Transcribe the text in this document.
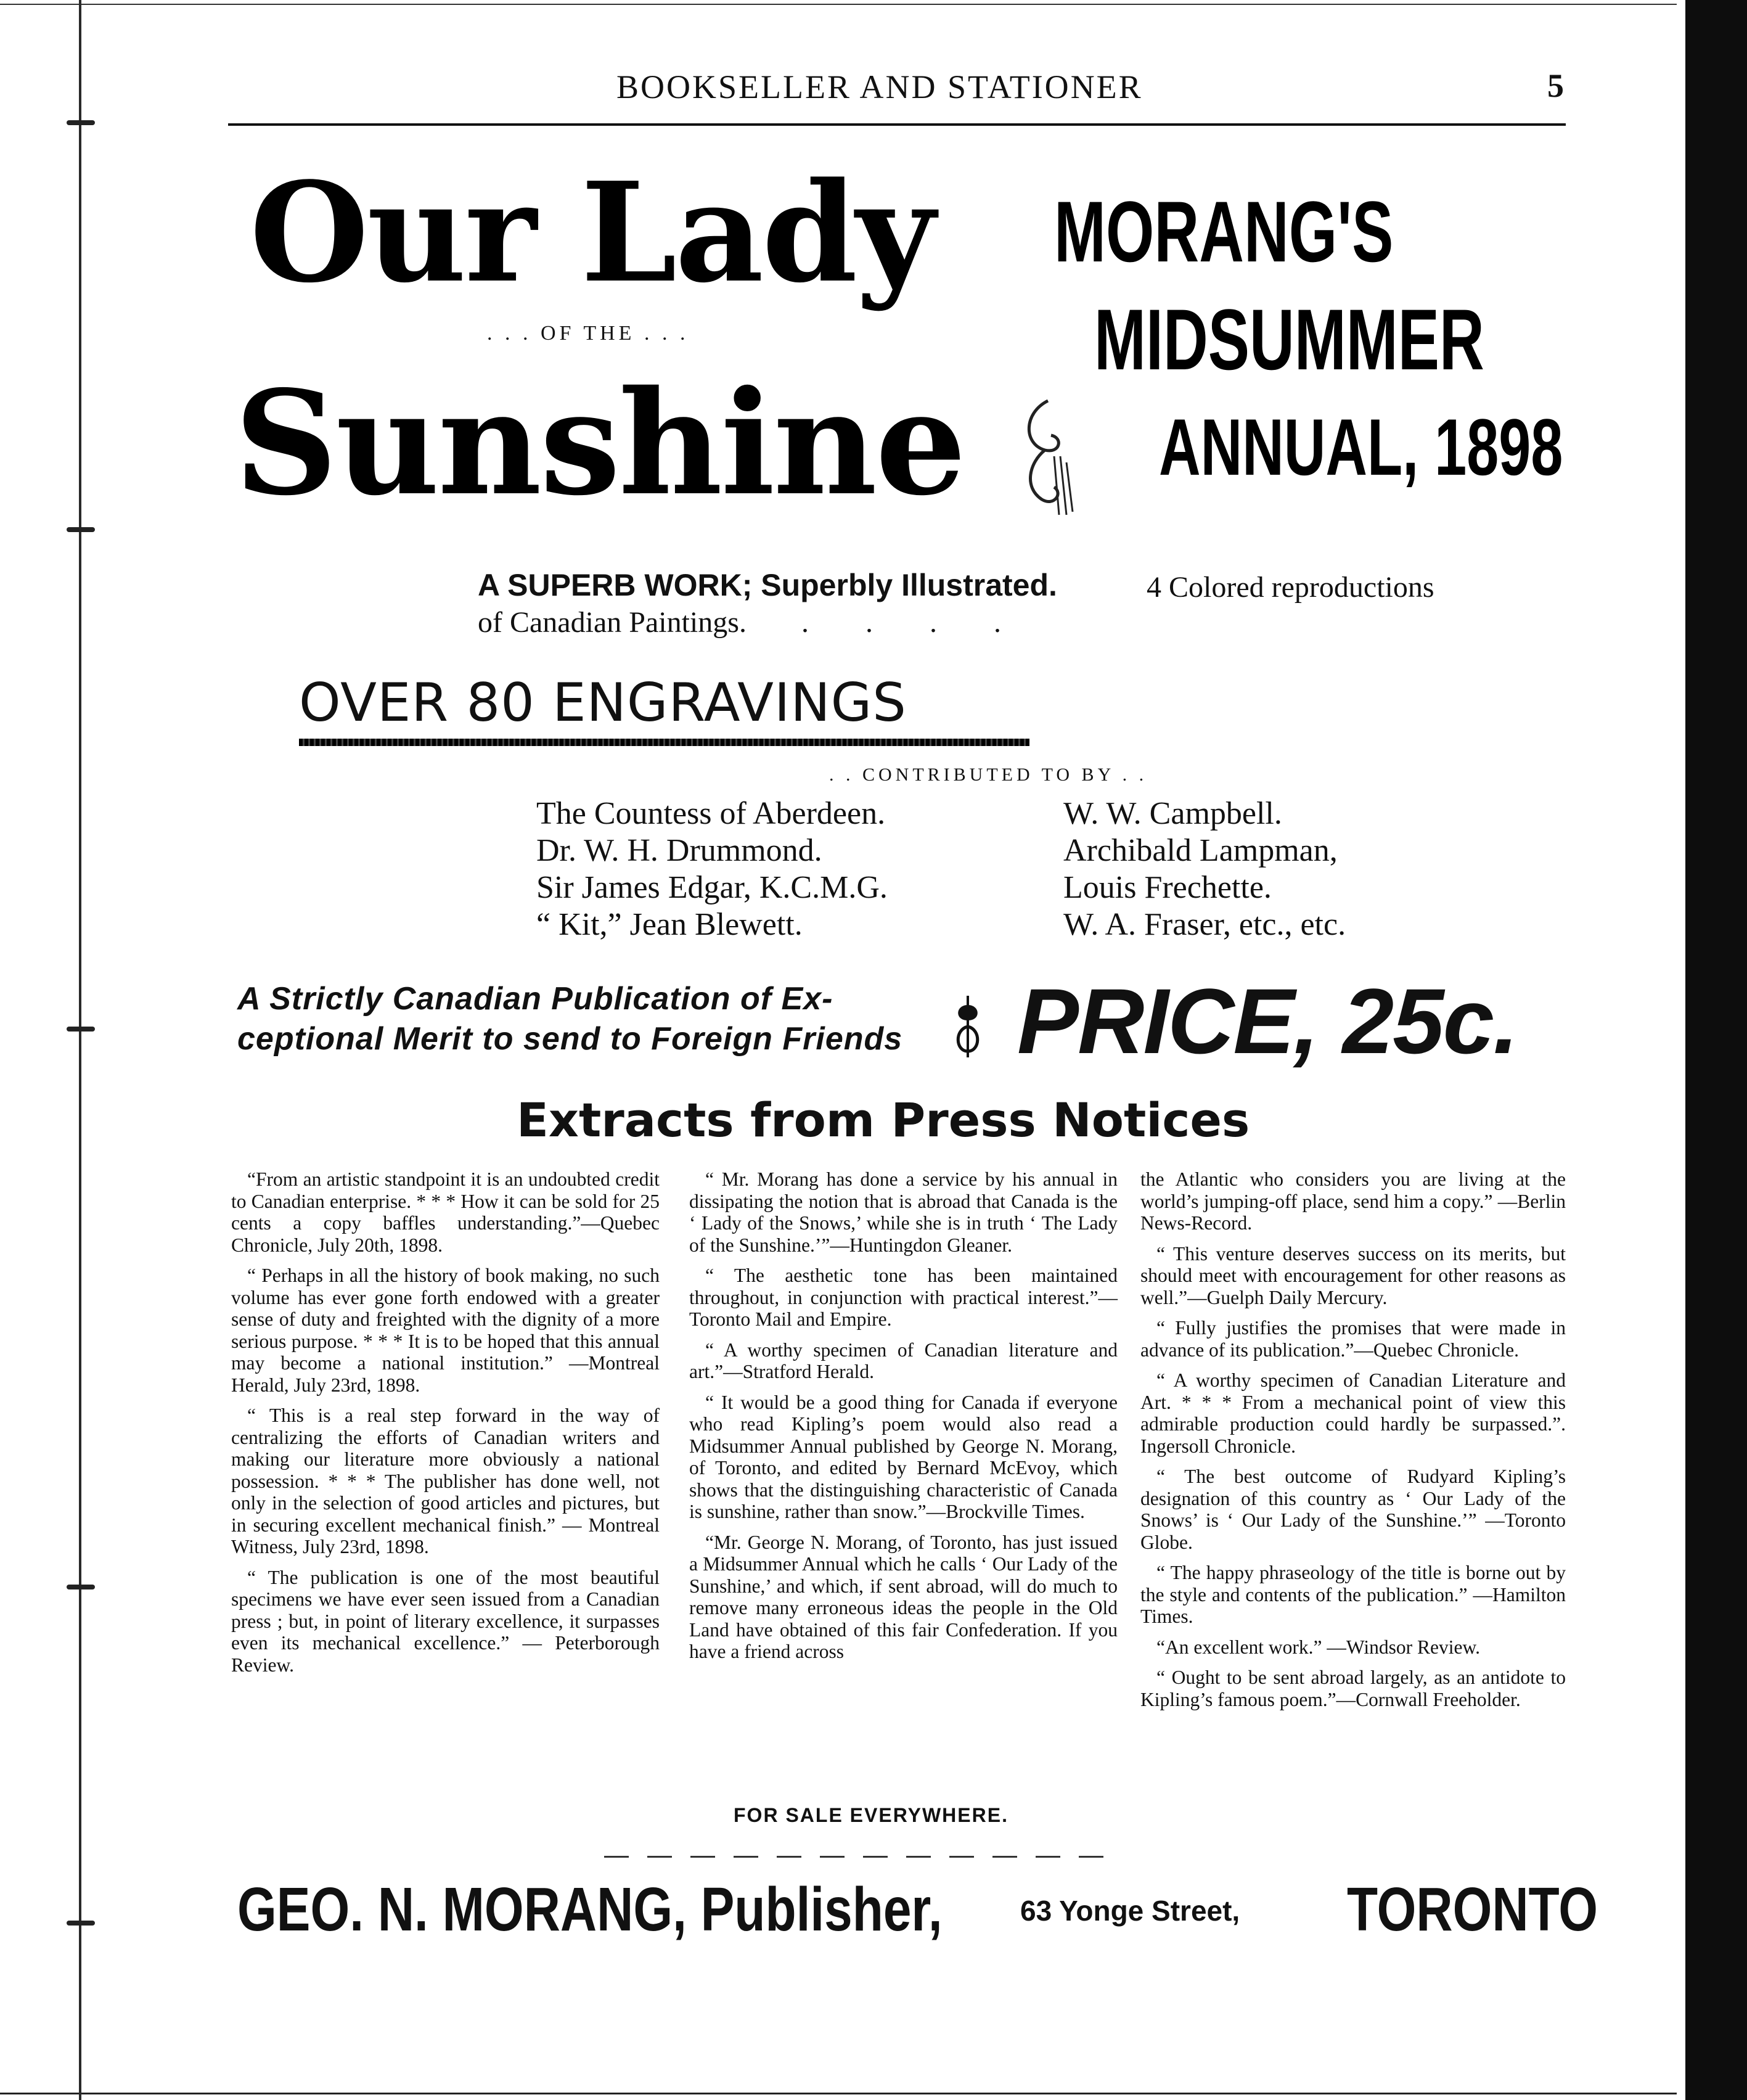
BOOKSELLER AND STATIONER	5
Our Lady
. . . OF THE . . .
Sunshine
MORANG'S
MIDSUMMER
ANNUAL, 1898
A SUPERB WORK; Superbly Illustrated.	4 Colored reproductions
of Canadian Paintings. . . . .
OVER 80 ENGRAVINGS
. . CONTRIBUTED TO BY . .
The Countess of Aberdeen.
Dr. W. H. Drummond.
Sir James Edgar, K.C.M.G.
“ Kit,” Jean Blewett.
W. W. Campbell.
Archibald Lampman,
Louis Frechette.
W. A. Fraser, etc., etc.
A Strictly Canadian Publication of Ex-
ceptional Merit to send to Foreign Friends PRICE, 25c.
Extracts from Press Notices

“From an artistic standpoint it is an undoubted credit to Canadian enterprise. * * * How it can be sold for 25 cents a copy baffles understanding.”—Quebec Chronicle, July 20th, 1898.

“ Perhaps in all the history of book making, no such volume has ever gone forth endowed with a greater sense of duty and freighted with the dignity of a more serious purpose. * * * It is to be hoped that this annual may become a national institution.” —Montreal Herald, July 23rd, 1898.

“ This is a real step forward in the way of centralizing the efforts of Canadian writers and making our literature more obviously a national possession. * * * The publisher has done well, not only in the selection of good articles and pictures, but in securing excellent mechanical finish.” — Montreal Witness, July 23rd, 1898.

“ The publication is one of the most beautiful specimens we have ever seen issued from a Canadian press ; but, in point of literary excellence, it surpasses even its mechanical excellence.” — Peterborough Review.

“ Mr. Morang has done a service by his annual in dissipating the notion that is abroad that Canada is the ‘ Lady of the Snows,’ while she is in truth ‘ The Lady of the Sunshine.’”—Huntingdon Gleaner.

“ The aesthetic tone has been maintained throughout, in conjunction with practical interest.”—Toronto Mail and Empire.

“ A worthy specimen of Canadian literature and art.”—Stratford Herald.

“ It would be a good thing for Canada if everyone who read Kipling’s poem would also read a Midsummer Annual published by George N. Morang, of Toronto, and edited by Bernard McEvoy, which shows that the distinguishing characteristic of Canada is sunshine, rather than snow.”—Brockville Times.

“Mr. George N. Morang, of Toronto, has just issued a Midsummer Annual which he calls ‘ Our Lady of the Sunshine,’ and which, if sent abroad, will do much to remove many erroneous ideas the people in the Old Land have obtained of this fair Confederation. If you have a friend across

the Atlantic who considers you are living at the world’s jumping-off place, send him a copy.” —Berlin News-Record.

“ This venture deserves success on its merits, but should meet with encouragement for other reasons as well.”—Guelph Daily Mercury.

“ Fully justifies the promises that were made in advance of its publication.”—Quebec Chronicle.

“ A worthy specimen of Canadian Literature and Art. * * * From a mechanical point of view this admirable production could hardly be surpassed.”. Ingersoll Chronicle.

“ The best outcome of Rudyard Kipling’s designation of this country as ‘ Our Lady of the Snows’ is ‘ Our Lady of the Sunshine.’” —Toronto Globe.

“ The happy phraseology of the title is borne out by the style and contents of the publication.” —Hamilton Times.

“An excellent work.” —Windsor Review.

“ Ought to be sent abroad largely, as an antidote to Kipling’s famous poem.”—Cornwall Freeholder.

FOR SALE EVERYWHERE.
GEO. N. MORANG, Publisher,	63 Yonge Street, TORONTO
